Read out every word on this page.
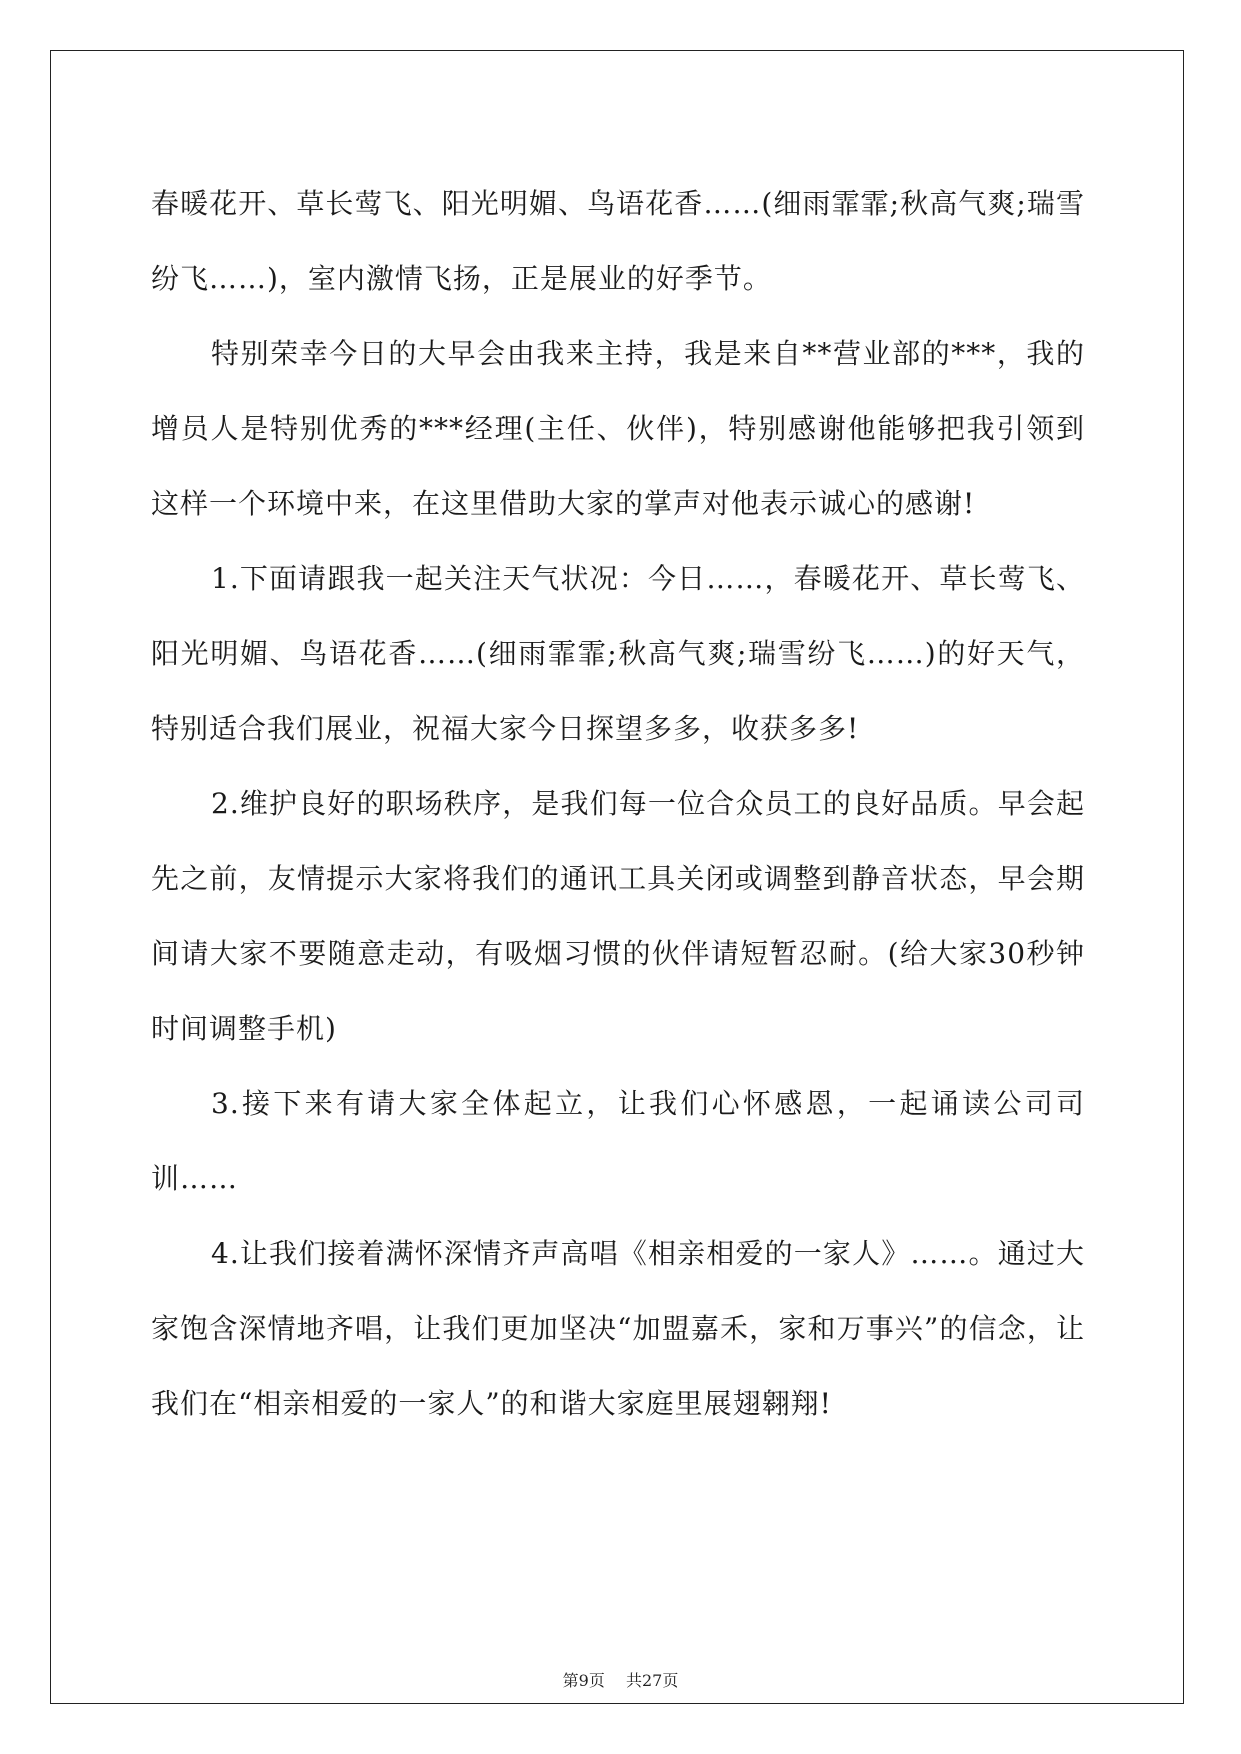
春暖花开、草长莺飞、阳光明媚、鸟语花香……(细雨霏霏;秋高气爽;瑞雪纷飞……)，室内激情飞扬，正是展业的好季节。

特别荣幸今日的大早会由我来主持，我是来自**营业部的***，我的增员人是特别优秀的***经理(主任、伙伴)，特别感谢他能够把我引领到这样一个环境中来，在这里借助大家的掌声对他表示诚心的感谢!

1.下面请跟我一起关注天气状况：今日……，春暖花开、草长莺飞、阳光明媚、鸟语花香……(细雨霏霏;秋高气爽;瑞雪纷飞……)的好天气，特别适合我们展业，祝福大家今日探望多多，收获多多!

2.维护良好的职场秩序，是我们每一位合众员工的良好品质。早会起先之前，友情提示大家将我们的通讯工具关闭或调整到静音状态，早会期间请大家不要随意走动，有吸烟习惯的伙伴请短暂忍耐。(给大家30秒钟时间调整手机)

3.接下来有请大家全体起立，让我们心怀感恩，一起诵读公司司训……

4.让我们接着满怀深情齐声高唱《相亲相爱的一家人》……。通过大家饱含深情地齐唱，让我们更加坚决“加盟嘉禾，家和万事兴”的信念，让我们在“相亲相爱的一家人”的和谐大家庭里展翅翱翔!

第9页 共27页
